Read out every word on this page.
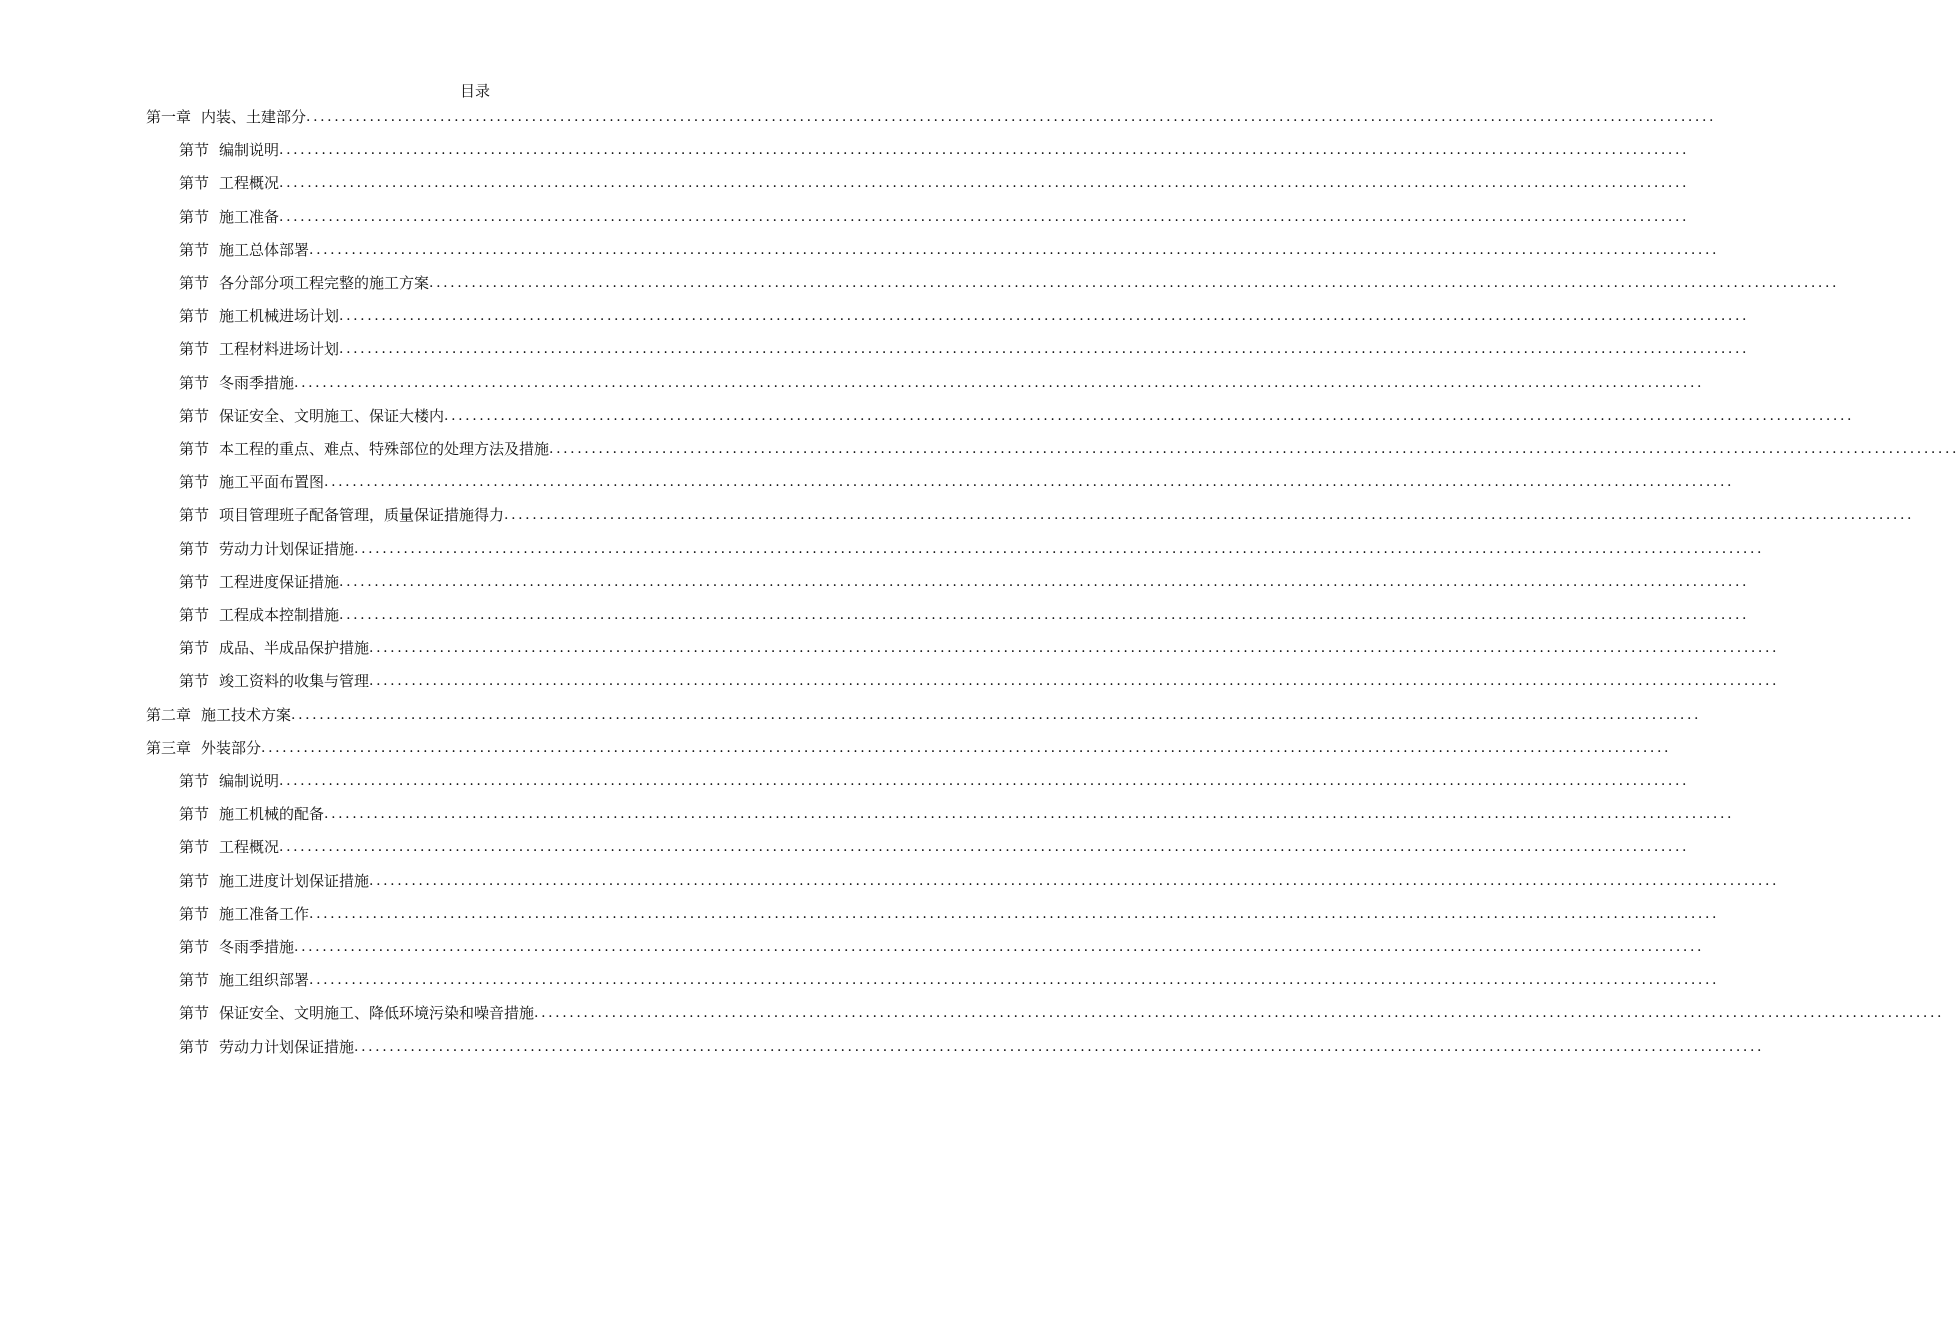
目录
第一章 内装、土建部分 ........................................................................................................................................................................................................
第节 编制说明 ........................................................................................................................................................................................................
第节 工程概况 ........................................................................................................................................................................................................
第节 施工准备 ........................................................................................................................................................................................................
第节 施工总体部署 ........................................................................................................................................................................................................
第节 各分部分项工程完整的施工方案 ........................................................................................................................................................................................................
第节 施工机械进场计划 ........................................................................................................................................................................................................
第节 工程材料进场计划 ........................................................................................................................................................................................................
第节 冬雨季措施 ........................................................................................................................................................................................................
第节 保证安全、文明施工、保证大楼内 ........................................................................................................................................................................................................
第节 本工程的重点、难点、特殊部位的处理方法及措施 ........................................................................................................................................................................................................
第节 施工平面布置图 ........................................................................................................................................................................................................
第节 项目管理班子配备管理，质量保证措施得力 ........................................................................................................................................................................................................
第节 劳动力计划保证措施 ........................................................................................................................................................................................................
第节 工程进度保证措施 ........................................................................................................................................................................................................
第节 工程成本控制措施 ........................................................................................................................................................................................................
第节 成品、半成品保护措施 ........................................................................................................................................................................................................
第节 竣工资料的收集与管理 ........................................................................................................................................................................................................
第二章 施工技术方案 ........................................................................................................................................................................................................
第三章 外装部分 ........................................................................................................................................................................................................
第节 编制说明 ........................................................................................................................................................................................................
第节 施工机械的配备 ........................................................................................................................................................................................................
第节 工程概况 ........................................................................................................................................................................................................
第节 施工进度计划保证措施 ........................................................................................................................................................................................................
第节 施工准备工作 ........................................................................................................................................................................................................
第节 冬雨季措施 ........................................................................................................................................................................................................
第节 施工组织部署 ........................................................................................................................................................................................................
第节 保证安全、文明施工、降低环境污染和噪音措施 ........................................................................................................................................................................................................
第节 劳动力计划保证措施 ........................................................................................................................................................................................................
